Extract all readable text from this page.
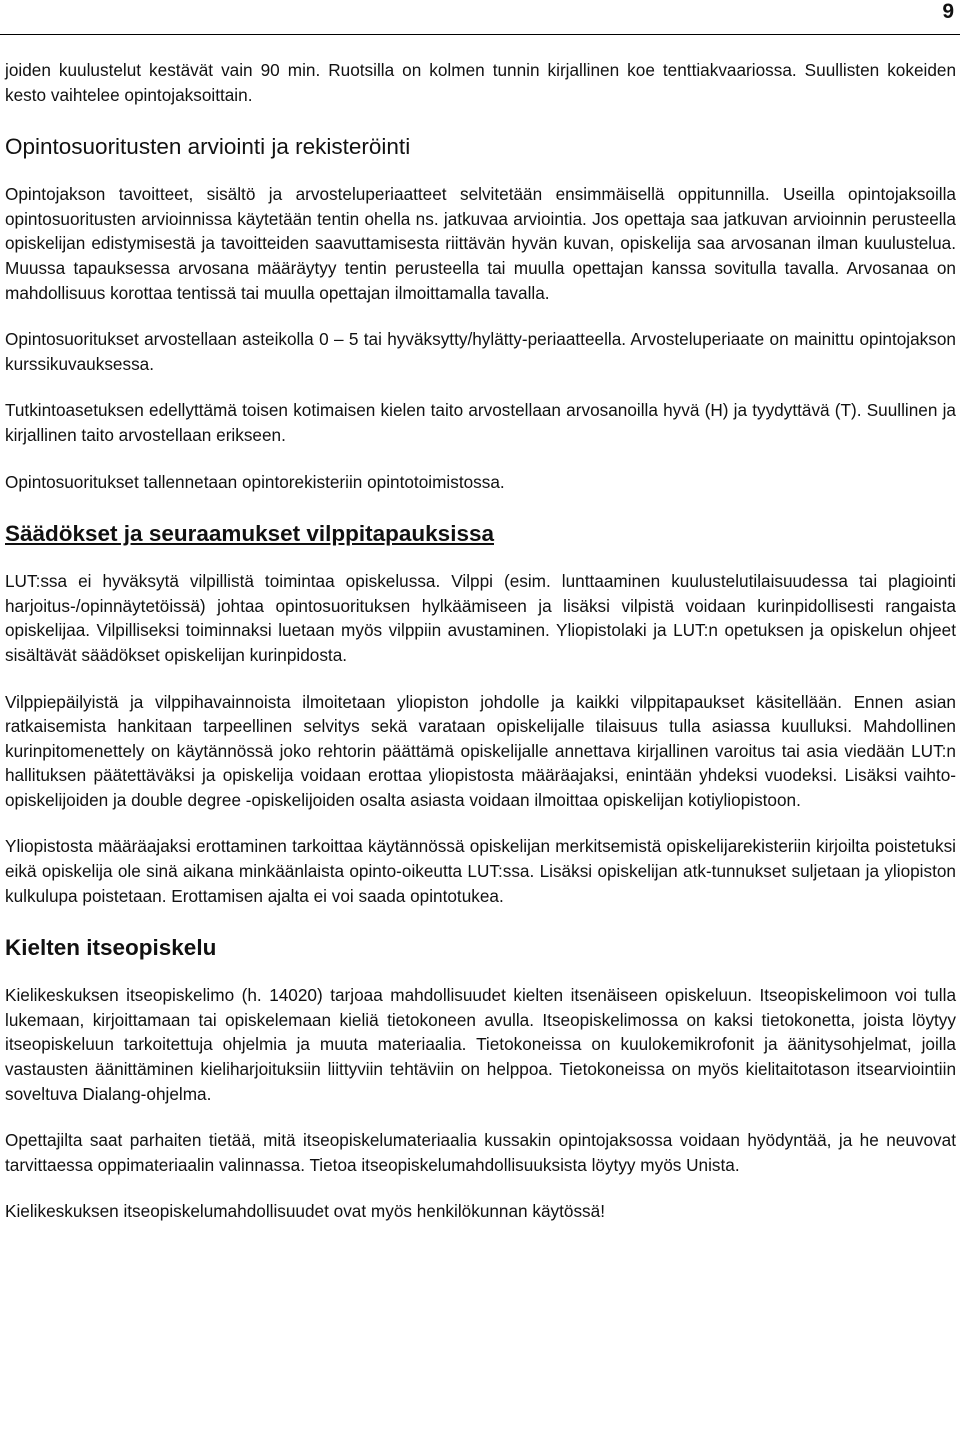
9

joiden kuulustelut kestävät vain 90 min. Ruotsilla on kolmen tunnin kirjallinen koe tenttiakvaariossa. Suullisten kokeiden kesto vaihtelee opintojaksoittain.

Opintosuoritusten arviointi ja rekisteröinti

Opintojakson tavoitteet, sisältö ja arvosteluperiaatteet selvitetään ensimmäisellä oppitunnilla. Useilla opintojaksoilla opintosuoritusten arvioinnissa käytetään tentin ohella ns. jatkuvaa arviointia. Jos opettaja saa jatkuvan arvioinnin perusteella opiskelijan edistymisestä ja tavoitteiden saavuttamisesta riittävän hyvän kuvan, opiskelija saa arvosanan ilman kuulustelua. Muussa tapauksessa arvosana määräytyy tentin perusteella tai muulla opettajan kanssa sovitulla tavalla. Arvosanaa on mahdollisuus korottaa tentissä tai muulla opettajan ilmoittamalla tavalla.

Opintosuoritukset arvostellaan asteikolla 0 – 5 tai hyväksytty/hylätty-periaatteella. Arvosteluperiaate on mainittu opintojakson kurssikuvauksessa.

Tutkintoasetuksen edellyttämä toisen kotimaisen kielen taito arvostellaan arvosanoilla hyvä (H) ja tyydyttävä (T). Suullinen ja kirjallinen taito arvostellaan erikseen.

Opintosuoritukset tallennetaan opintorekisteriin opintotoimistossa.

Säädökset ja seuraamukset vilppitapauksissa

LUT:ssa ei hyväksytä vilpillistä toimintaa opiskelussa. Vilppi (esim. lunttaaminen kuulustelutilaisuudessa tai plagiointi harjoitus-/opinnäytetöissä) johtaa opintosuorituksen hylkäämiseen ja lisäksi vilpistä voidaan kurinpidollisesti rangaista opiskelijaa. Vilpilliseksi toiminnaksi luetaan myös vilppiin avustaminen. Yliopistolaki ja LUT:n opetuksen ja opiskelun ohjeet sisältävät säädökset opiskelijan kurinpidosta.

Vilppiepäilyistä ja vilppihavainnoista ilmoitetaan yliopiston johdolle ja kaikki vilppitapaukset käsitellään. Ennen asian ratkaisemista hankitaan tarpeellinen selvitys sekä varataan opiskelijalle tilaisuus tulla asiassa kuulluksi. Mahdollinen kurinpitomenettely on käytännössä joko rehtorin päättämä opiskelijalle annettava kirjallinen varoitus tai asia viedään LUT:n hallituksen päätettäväksi ja opiskelija voidaan erottaa yliopistosta määräajaksi, enintään yhdeksi vuodeksi. Lisäksi vaihto-opiskelijoiden ja double degree -opiskelijoiden osalta asiasta voidaan ilmoittaa opiskelijan kotiyliopistoon.

Yliopistosta määräajaksi erottaminen tarkoittaa käytännössä opiskelijan merkitsemistä opiskelijarekisteriin kirjoilta poistetuksi eikä opiskelija ole sinä aikana minkäänlaista opinto-oikeutta LUT:ssa. Lisäksi opiskelijan atk-tunnukset suljetaan ja yliopiston kulkulupa poistetaan. Erottamisen ajalta ei voi saada opintotukea.

Kielten itseopiskelu

Kielikeskuksen itseopiskelimo (h. 14020) tarjoaa mahdollisuudet kielten itsenäiseen opiskeluun. Itseopiskelimoon voi tulla lukemaan, kirjoittamaan tai opiskelemaan kieliä tietokoneen avulla. Itseopiskelimossa on kaksi tietokonetta, joista löytyy itseopiskeluun tarkoitettuja ohjelmia ja muuta materiaalia. Tietokoneissa on kuulokemikrofonit ja äänitysohjelmat, joilla vastausten äänittäminen kieliharjoituksiin liittyviin tehtäviin on helppoa. Tietokoneissa on myös kielitaitotason itsearviointiin soveltuva Dialang-ohjelma.

Opettajilta saat parhaiten tietää, mitä itseopiskelumateriaalia kussakin opintojaksossa voidaan hyödyntää, ja he neuvovat tarvittaessa oppimateriaalin valinnassa. Tietoa itseopiskelumahdollisuuksista löytyy myös Unista.

Kielikeskuksen itseopiskelumahdollisuudet ovat myös henkilökunnan käytössä!
